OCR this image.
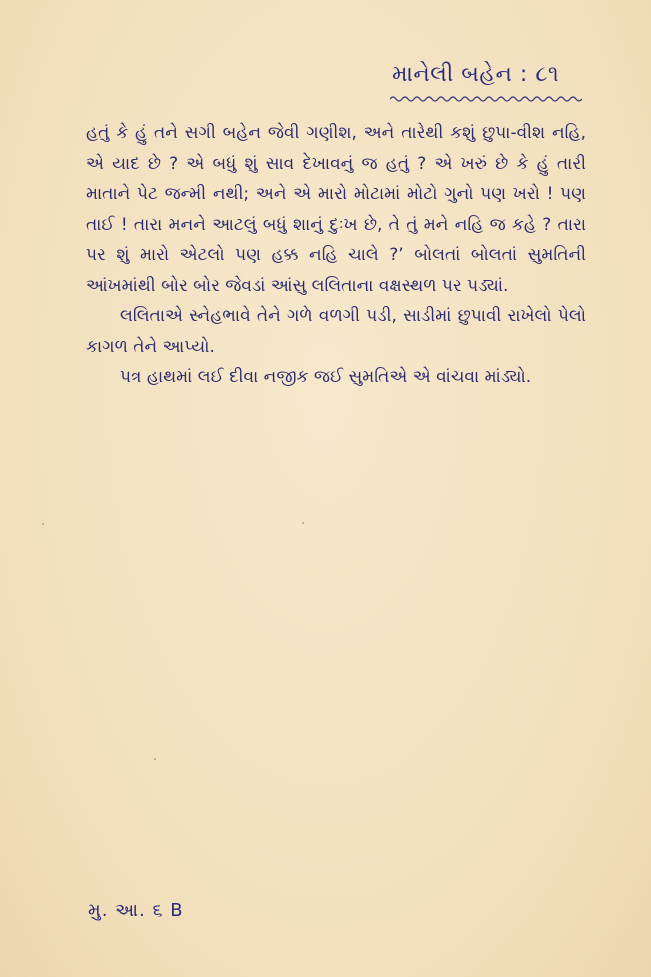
માનેલી બહેન : ૮૧

હતું કે હું તને સગી બહેન જેવી ગણીશ, અને તારેથી કશું છુપા-વીશ નહિ, એ યાદ છે ? એ બધું શું સાવ દેખાવનું જ હતું ? એ ખરું છે કે હું તારી માતાને પેટ જન્મી નથી; અને એ મારો મોટામાં મોટો ગુનો પણ ખરો ! પણ તાઈ ! તારા મનને આટલું બધું શાનું દુઃખ છે, તે તું મને નહિ જ કહે ? તારા પર શું મારો એટલો પણ હક્ક નહિ ચાલે ?’ બોલતાં બોલતાં સુમતિની આંખમાંથી બોર બોર જેવડાં આંસુ લલિતાના વક્ષસ્થળ પર પડ્યાં.

લલિતાએ સ્નેહભાવે તેને ગળે વળગી પડી, સાડીમાં છુપાવી રાખેલો પેલો કાગળ તેને આપ્યો.

પત્ર હાથમાં લઈ દીવા નજીક જઈ સુમતિએ એ વાંચવા માંડ્યો.

મુ. આ. ૬ B
